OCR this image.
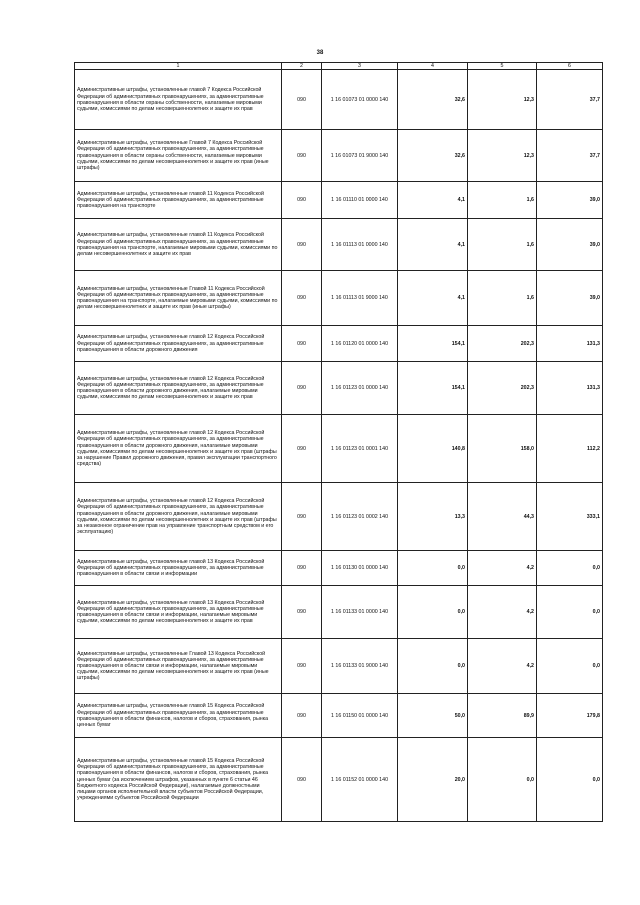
38
1	2	3	4	5	6
Административные штрафы, установленные главой 7 Кодекса Российской Федерации об административных правонарушениях, за административные правонарушения в области охраны собственности, налагаемые мировыми судьями, комиссиями по делам несовершеннолетних и защите их прав	090	1 16 01073 01 0000 140	32,6	12,3	37,7
Административные штрафы, установленные Главой 7 Кодекса Российской Федерации об административных правонарушениях, за административные правонарушения в области охраны собственности, налагаемые мировыми судьями, комиссиями по делам несовершеннолетних и защите их прав (иные штрафы)	090	1 16 01073 01 9000 140	32,6	12,3	37,7
Административные штрафы, установленные главой 11 Кодекса Российской Федерации об административных правонарушениях, за административные правонарушения на транспорте	090	1 16 01110 01 0000 140	4,1	1,6	39,0
Административные штрафы, установленные главой 11 Кодекса Российской Федерации об административных правонарушениях, за административные правонарушения на транспорте, налагаемые мировыми судьями, комиссиями по делам несовершеннолетних и защите их прав	090	1 16 01113 01 0000 140	4,1	1,6	39,0
Административные штрафы, установленные Главой 11 Кодекса Российской Федерации об административных правонарушениях, за административные правонарушения на транспорте, налагаемые мировыми судьями, комиссиями по делам несовершеннолетних и защите их прав (иные штрафы)	090	1 16 01113 01 9000 140	4,1	1,6	39,0
Административные штрафы, установленные главой 12 Кодекса Российской Федерации об административных правонарушениях, за административные правонарушения в области дорожного движения	090	1 16 01120 01 0000 140	154,1	202,3	131,3
Административные штрафы, установленные главой 12 Кодекса Российской Федерации об административных правонарушениях, за административные правонарушения в области дорожного движения, налагаемые мировыми судьями, комиссиями по делам несовершеннолетних и защите их прав	090	1 16 01123 01 0000 140	154,1	202,3	131,3
Административные штрафы, установленные главой 12 Кодекса Российской Федерации об административных правонарушениях, за административные правонарушения в области дорожного движения, налагаемые мировыми судьями, комиссиями по делам несовершеннолетних и защите их прав (штрафы за нарушение Правил дорожного движения, правил эксплуатации транспортного средства)	090	1 16 01123 01 0001 140	140,8	158,0	112,2
Административные штрафы, установленные главой 12 Кодекса Российской Федерации об административных правонарушениях, за административные правонарушения в области дорожного движения, налагаемые мировыми судьями, комиссиями по делам несовершеннолетних и защите их прав (штрафы за незаконное ограничение прав на управление транспортным средством и его эксплуатацию)	090	1 16 01123 01 0002 140	13,3	44,3	333,1
Административные штрафы, установленные главой 13 Кодекса Российской Федерации об административных правонарушениях, за административные правонарушения в области связи и информации	090	1 16 01130 01 0000 140	0,0	4,2	0,0
Административные штрафы, установленные главой 13 Кодекса Российской Федерации об административных правонарушениях, за административные правонарушения в области связи и информации, налагаемые мировыми судьями, комиссиями по делам несовершеннолетних и защите их прав	090	1 16 01133 01 0000 140	0,0	4,2	0,0
Административные штрафы, установленные Главой 13 Кодекса Российской Федерации об административных правонарушениях, за административные правонарушения в области связи и информации, налагаемые мировыми судьями, комиссиями по делам несовершеннолетних и защите их прав (иные штрафы)	090	1 16 01133 01 9000 140	0,0	4,2	0,0
Административные штрафы, установленные главой 15 Кодекса Российской Федерации об административных правонарушениях, за административные правонарушения в области финансов, налогов и сборов, страхования, рынка ценных бумаг	090	1 16 01150 01 0000 140	50,0	89,9	179,8
Административные штрафы, установленные главой 15 Кодекса Российской Федерации об административных правонарушениях, за административные правонарушения в области финансов, налогов и сборов, страхования, рынка ценных бумаг (за исключением штрафов, указанных в пункте 6 статьи 46 Бюджетного кодекса Российской Федерации), налагаемые должностными лицами органов исполнительной власти субъектов Российской Федерации, учреждениями субъектов Российской Федерации	090	1 16 01152 01 0000 140	20,0	0,0	0,0
